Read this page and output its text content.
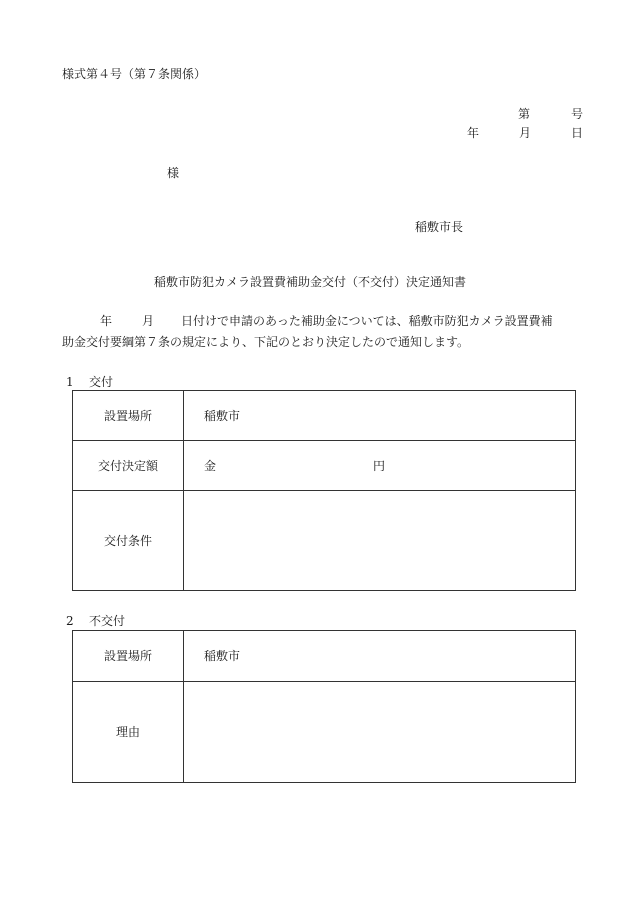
様式第４号（第７条関係）
第	号
年	月	日
様
稲敷市長
稲敷市防犯カメラ設置費補助金交付（不交付）決定通知書
年 月 日付けで申請のあった補助金については、稲敷市防犯カメラ設置費補
助金交付要綱第７条の規定により、下記のとおり決定したので通知します。
1 交付
設置場所	稲敷市
交付決定額	金 円

交付条件	
2 不交付
設置場所	稲敷市
理由	
